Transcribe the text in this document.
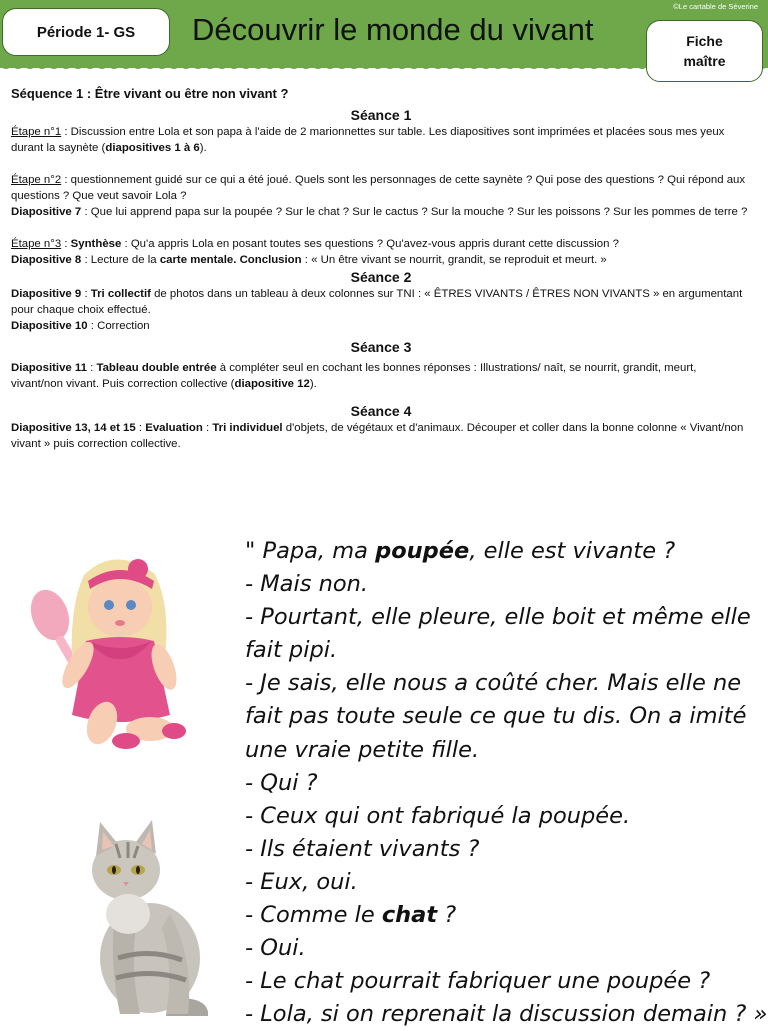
©Le cartable de Séverine
Période 1- GS	Découvrir le monde du vivant	Fiche
maître
Séquence 1 : Être vivant ou être non vivant ?
Séance 1

Étape n°1 : Discussion entre Lola et son papa à l'aide de 2 marionnettes sur table. Les diapositives sont imprimées et placées sous mes yeux durant la saynète (diapositives 1 à 6).

Étape n°2 : questionnement guidé sur ce qui a été joué. Quels sont les personnages de cette saynète ? Qui pose des questions ? Qui répond aux questions ? Que veut savoir Lola ?

Diapositive 7 : Que lui apprend papa sur la poupée ? Sur le chat ? Sur le cactus ? Sur la mouche ? Sur les poissons ? Sur les pommes de terre ?

Étape n°3 : Synthèse : Qu'a appris Lola en posant toutes ses questions ? Qu'avez-vous appris durant cette discussion ?

Diapositive 8 : Lecture de la carte mentale. Conclusion : « Un être vivant se nourrit, grandit, se reproduit et meurt. »

Séance 2

Diapositive 9 : Tri collectif de photos dans un tableau à deux colonnes sur TNI : « ÊTRES VIVANTS / ÊTRES NON VIVANTS » en argumentant pour chaque choix effectué.

Diapositive 10 : Correction

Séance 3

Diapositive 11 : Tableau double entrée à compléter seul en cochant les bonnes réponses : Illustrations/ naît, se nourrit, grandit, meurt, vivant/non vivant. Puis correction collective (diapositive 12).

Séance 4

Diapositive 13, 14 et 15 : Evaluation : Tri individuel d'objets, de végétaux et d'animaux. Découper et coller dans la bonne colonne « Vivant/non vivant » puis correction collective.

" Papa, ma poupée, elle est vivante ?

- Mais non.

- Pourtant, elle pleure, elle boit et même elle fait pipi.

- Je sais, elle nous a coûté cher. Mais elle ne fait pas toute seule ce que tu dis. On a imité une vraie petite fille.

- Qui ?

- Ceux qui ont fabriqué la poupée.

- Ils étaient vivants ?

- Eux, oui.

- Comme le chat ?

- Oui.

- Le chat pourrait fabriquer une poupée ?

- Lola, si on reprenait la discussion demain ? »
